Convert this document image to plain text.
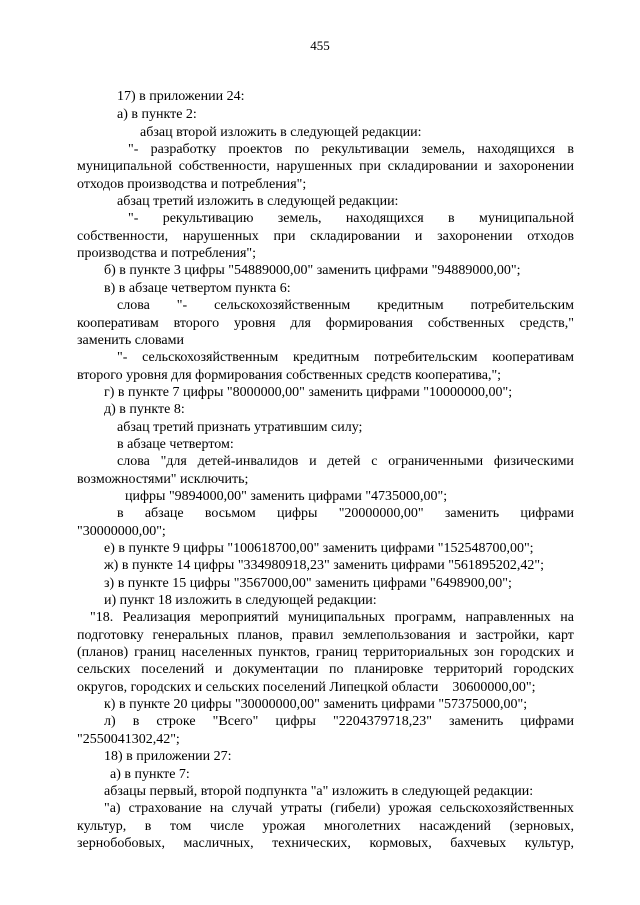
455
17) в приложении 24:
а) в пункте 2:
абзац второй изложить в следующей редакции:
"- разработку проектов по рекультивации земель, находящихся в
муниципальной собственности, нарушенных при складировании и захоронении
отходов производства и потребления";
абзац третий изложить в следующей редакции:
"- рекультивацию земель, находящихся в муниципальной
собственности, нарушенных при складировании и захоронении отходов
производства и потребления";
б) в пункте 3 цифры "54889000,00" заменить цифрами "94889000,00";
в) в абзаце четвертом пункта 6:
слова "- сельскохозяйственным кредитным потребительским
кооперативам второго уровня для формирования собственных средств,"
заменить словами
"- сельскохозяйственным кредитным потребительским кооперативам
второго уровня для формирования собственных средств кооператива,";
г) в пункте 7 цифры "8000000,00" заменить цифрами "10000000,00";
д) в пункте 8:
абзац третий признать утратившим силу;
в абзаце четвертом:
слова "для детей-инвалидов и детей с ограниченными физическими
возможностями" исключить;
цифры "9894000,00" заменить цифрами "4735000,00";
в абзаце восьмом цифры "20000000,00" заменить цифрами
"30000000,00";
е) в пункте 9 цифры "100618700,00" заменить цифрами "152548700,00";
ж) в пункте 14 цифры "334980918,23" заменить цифрами "561895202,42";
з) в пункте 15 цифры "3567000,00" заменить цифрами "6498900,00";
и) пункт 18 изложить в следующей редакции:
"18. Реализация мероприятий муниципальных программ, направленных на
подготовку генеральных планов, правил землепользования и застройки, карт
(планов) границ населенных пунктов, границ территориальных зон городских и
сельских поселений и документации по планировке территорий городских
округов, городских и сельских поселений Липецкой области    30600000,00";
к) в пункте 20 цифры "30000000,00" заменить цифрами "57375000,00";
л) в строке "Всего" цифры "2204379718,23" заменить цифрами
"2550041302,42";
18) в приложении 27:
а) в пункте 7:
абзацы первый, второй подпункта "а" изложить в следующей редакции:
"а) страхование на случай утраты (гибели) урожая сельскохозяйственных
культур, в том числе урожая многолетних насаждений (зерновых,
зернобобовых, масличных, технических, кормовых, бахчевых культур,
